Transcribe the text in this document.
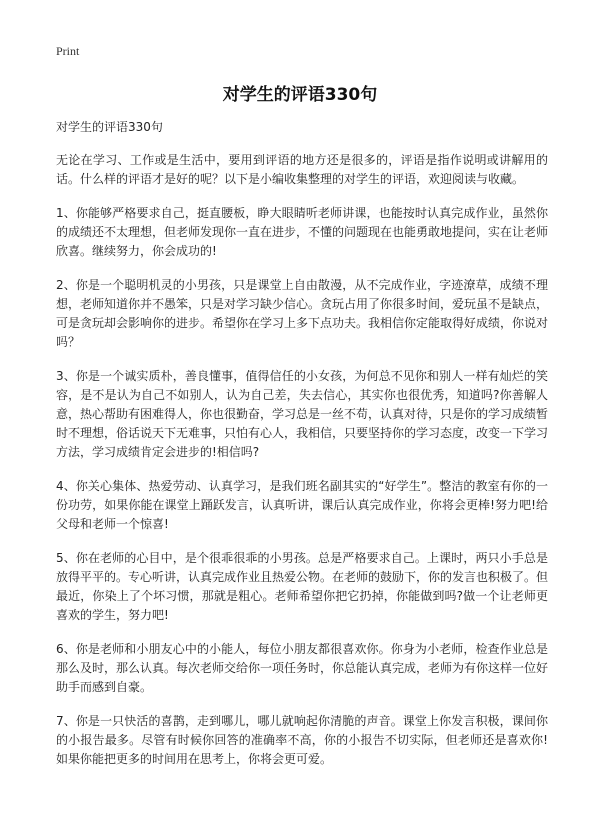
Print
对学生的评语330句

对学生的评语330句

无论在学习、工作或是生活中，要用到评语的地方还是很多的，评语是指作说明或讲解用的话。什么样的评语才是好的呢？以下是小编收集整理的对学生的评语，欢迎阅读与收藏。

1、你能够严格要求自己，挺直腰板，睁大眼睛听老师讲课，也能按时认真完成作业，虽然你的成绩还不太理想，但老师发现你一直在进步，不懂的问题现在也能勇敢地提问，实在让老师欣喜。继续努力，你会成功的!

2、你是一个聪明机灵的小男孩，只是课堂上自由散漫，从不完成作业，字迹潦草，成绩不理想，老师知道你并不愚笨，只是对学习缺少信心。贪玩占用了你很多时间，爱玩虽不是缺点，可是贪玩却会影响你的进步。希望你在学习上多下点功夫。我相信你定能取得好成绩，你说对吗？

3、你是一个诚实质朴，善良懂事，值得信任的小女孩，为何总不见你和别人一样有灿烂的笑容，是不是认为自己不如别人，认为自己差，失去信心，其实你也很优秀，知道吗?你善解人意，热心帮助有困难得人，你也很勤奋，学习总是一丝不苟，认真对待，只是你的学习成绩暂时不理想，俗话说天下无难事，只怕有心人，我相信，只要坚持你的学习态度，改变一下学习方法，学习成绩肯定会进步的!相信吗?

4、你关心集体、热爱劳动、认真学习，是我们班名副其实的“好学生”。整洁的教室有你的一份功劳，如果你能在课堂上踊跃发言，认真听讲，课后认真完成作业，你将会更棒!努力吧!给父母和老师一个惊喜!

5、你在老师的心目中，是个很乖很乖的小男孩。总是严格要求自己。上课时，两只小手总是放得平平的。专心听讲，认真完成作业且热爱公物。在老师的鼓励下，你的发言也积极了。但最近，你染上了个坏习惯，那就是粗心。老师希望你把它扔掉，你能做到吗?做一个让老师更喜欢的学生，努力吧!

6、你是老师和小朋友心中的小能人，每位小朋友都很喜欢你。你身为小老师，检查作业总是那么及时，那么认真。每次老师交给你一项任务时，你总能认真完成，老师为有你这样一位好助手而感到自豪。

7、你是一只快活的喜鹊，走到哪儿，哪儿就响起你清脆的声音。课堂上你发言积极，课间你的小报告最多。尽管有时候你回答的准确率不高，你的小报告不切实际，但老师还是喜欢你!如果你能把更多的时间用在思考上，你将会更可爱。
